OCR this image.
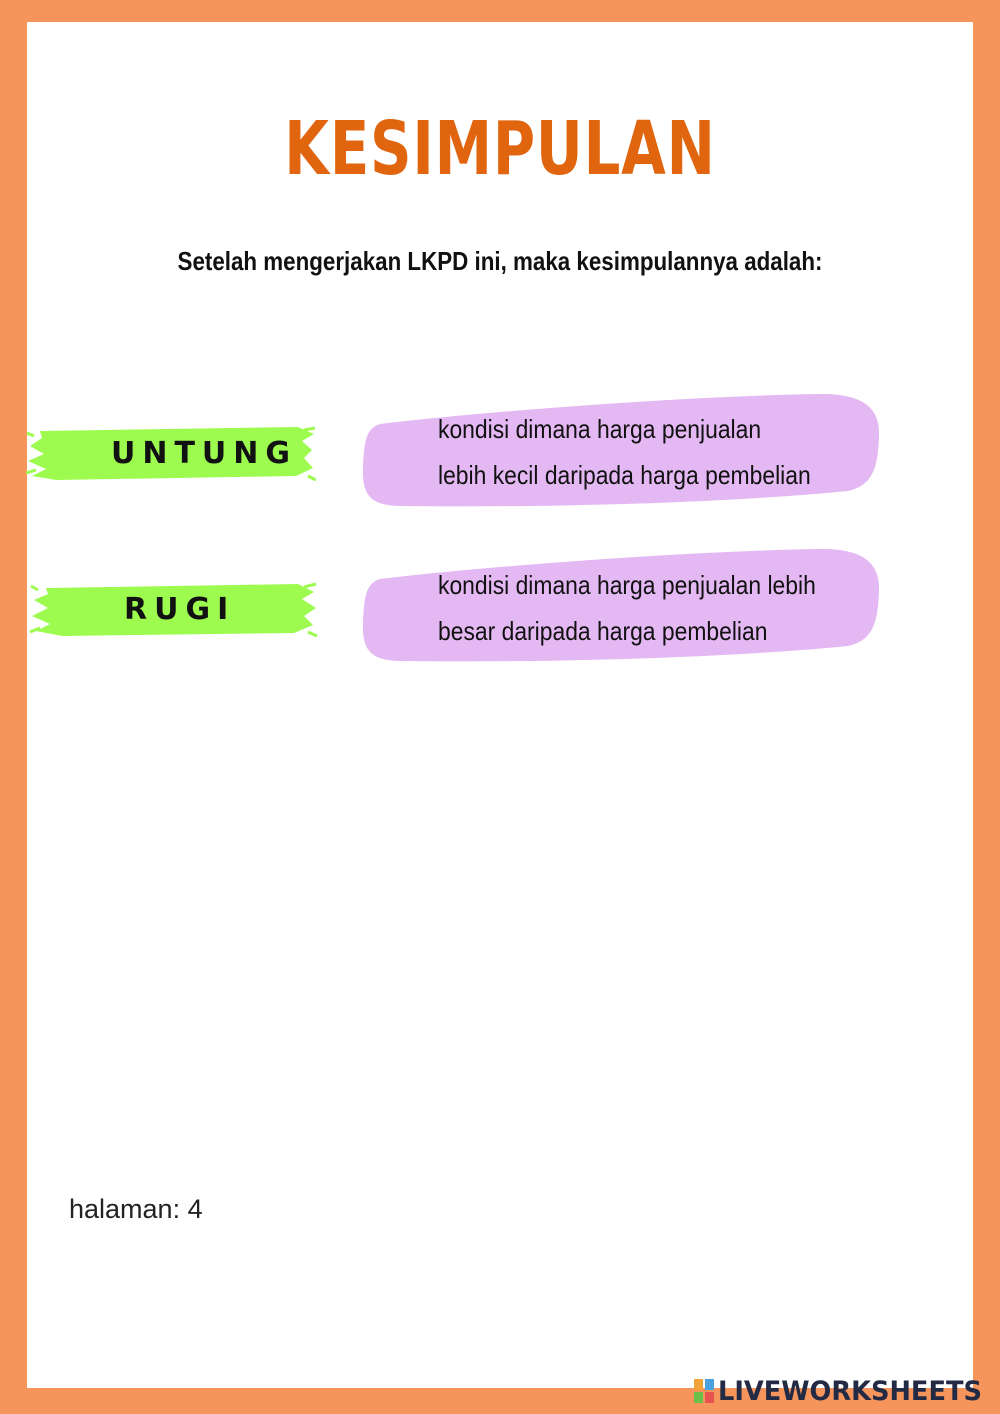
KESIMPULAN
Setelah mengerjakan LKPD ini, maka kesimpulannya adalah:
UNTUNG
kondisi dimana harga penjualan
lebih kecil daripada harga pembelian
RUGI
kondisi dimana harga penjualan lebih
besar daripada harga pembelian
halaman: 4
LIVEWORKSHEETS
